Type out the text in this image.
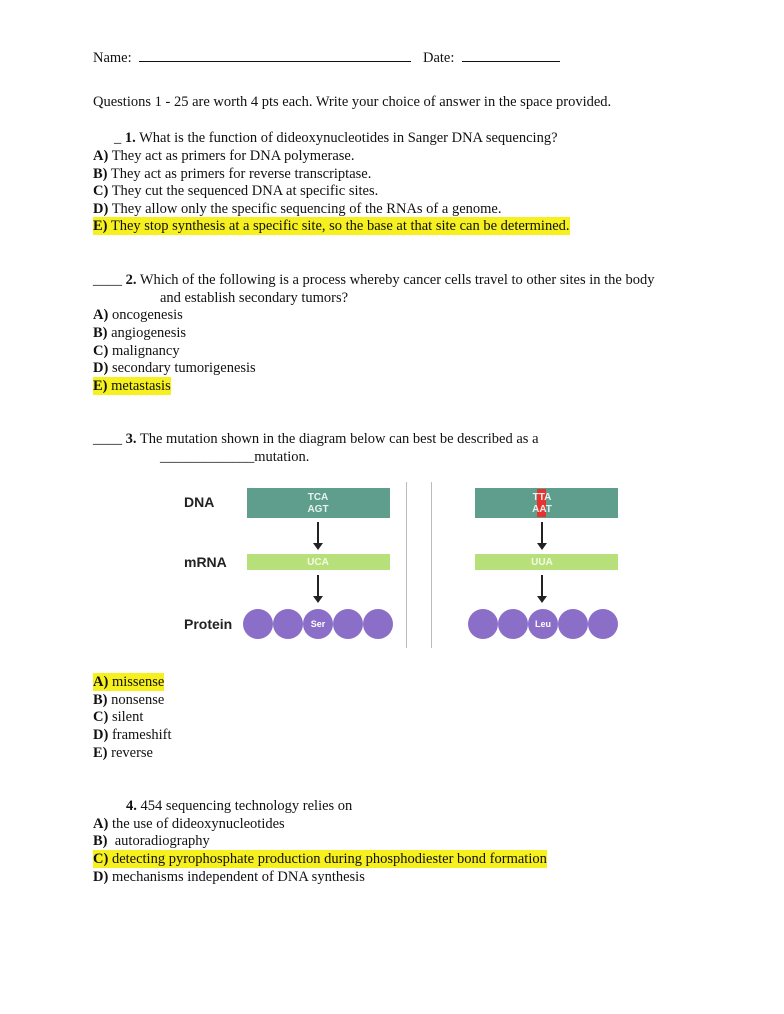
Name:	Date:
Questions 1 - 25 are worth 4 pts each. Write your choice of answer in the space provided.
_ 1. What is the function of dideoxynucleotides in Sanger DNA sequencing?
A) They act as primers for DNA polymerase.
B) They act as primers for reverse transcriptase.
C) They cut the sequenced DNA at specific sites.
D) They allow only the specific sequencing of the RNAs of a genome.
E) They stop synthesis at a specific site, so the base at that site can be determined.
____ 2. Which of the following is a process whereby cancer cells travel to other sites in the body
and establish secondary tumors?
A) oncogenesis
B) angiogenesis
C) malignancy
D) secondary tumorigenesis
E) metastasis
____ 3. The mutation shown in the diagram below can best be described as a
_____________mutation.
DNA
mRNA
Protein
TCA
AGT
UCA
Ser
TTA
AAT
UUA
Leu
A) missense
B) nonsense
C) silent
D) frameshift
E) reverse
4. 454 sequencing technology relies on
A) the use of dideoxynucleotides
B)  autoradiography
C) detecting pyrophosphate production during phosphodiester bond formation
D) mechanisms independent of DNA synthesis
